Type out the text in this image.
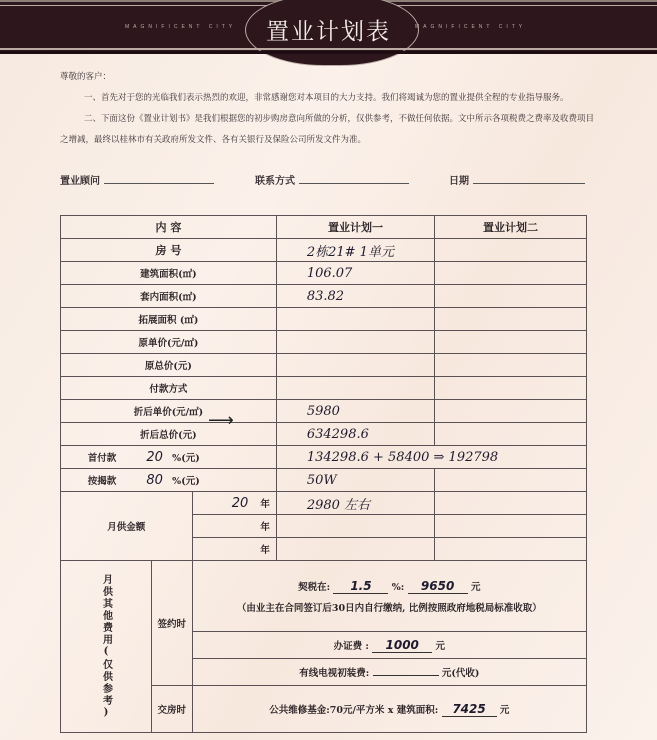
MAGNIFICENT CITY	MAGNIFICENT CITY
置业计划表

尊敬的客户：

一、首先对于您的光临我们表示热烈的欢迎，非常感谢您对本项目的大力支持。我们将竭诚为您的置业提供全程的专业指导服务。

二、下面这份《置业计划书》是我们根据您的初步购房意向所做的分析，仅供参考，不做任何依据。文中所示各项税费之费率及收费项目之增减，最终以桂林市有关政府所发文件、各有关银行及保险公司所发文件为准。

置业顾问	联系方式	日期
内 容			置业计划一	置业计划二
房 号			2栋21# 1单元	
建筑面积(㎡)			106.07	
套内面积(㎡)			83.82	
拓展面积 (㎡)				
原单价(元/㎡)				
原总价(元)				
付款方式				
折后单价(元/㎡)			5980	
折后总价(元)			634298.6	
首付款 20 %(元)			134298.6 + 58400 ⇒ 192798	
按揭款 80 %(元)			50W	
月供金额		20 年	2980 左右	
		年		
		年		

月供其他费用(仅供参考)	签约时	契税在: 1.5 %: 9650 元
（由业主在合同签订后30日内自行缴纳, 比例按照政府地税局标准收取）		

		办证费 : 1000 元		
		有线电视初装费: 元(代收)		
	交房时	公共维修基金:70元/平方米 x 建筑面积: 7425 元		
⟶
